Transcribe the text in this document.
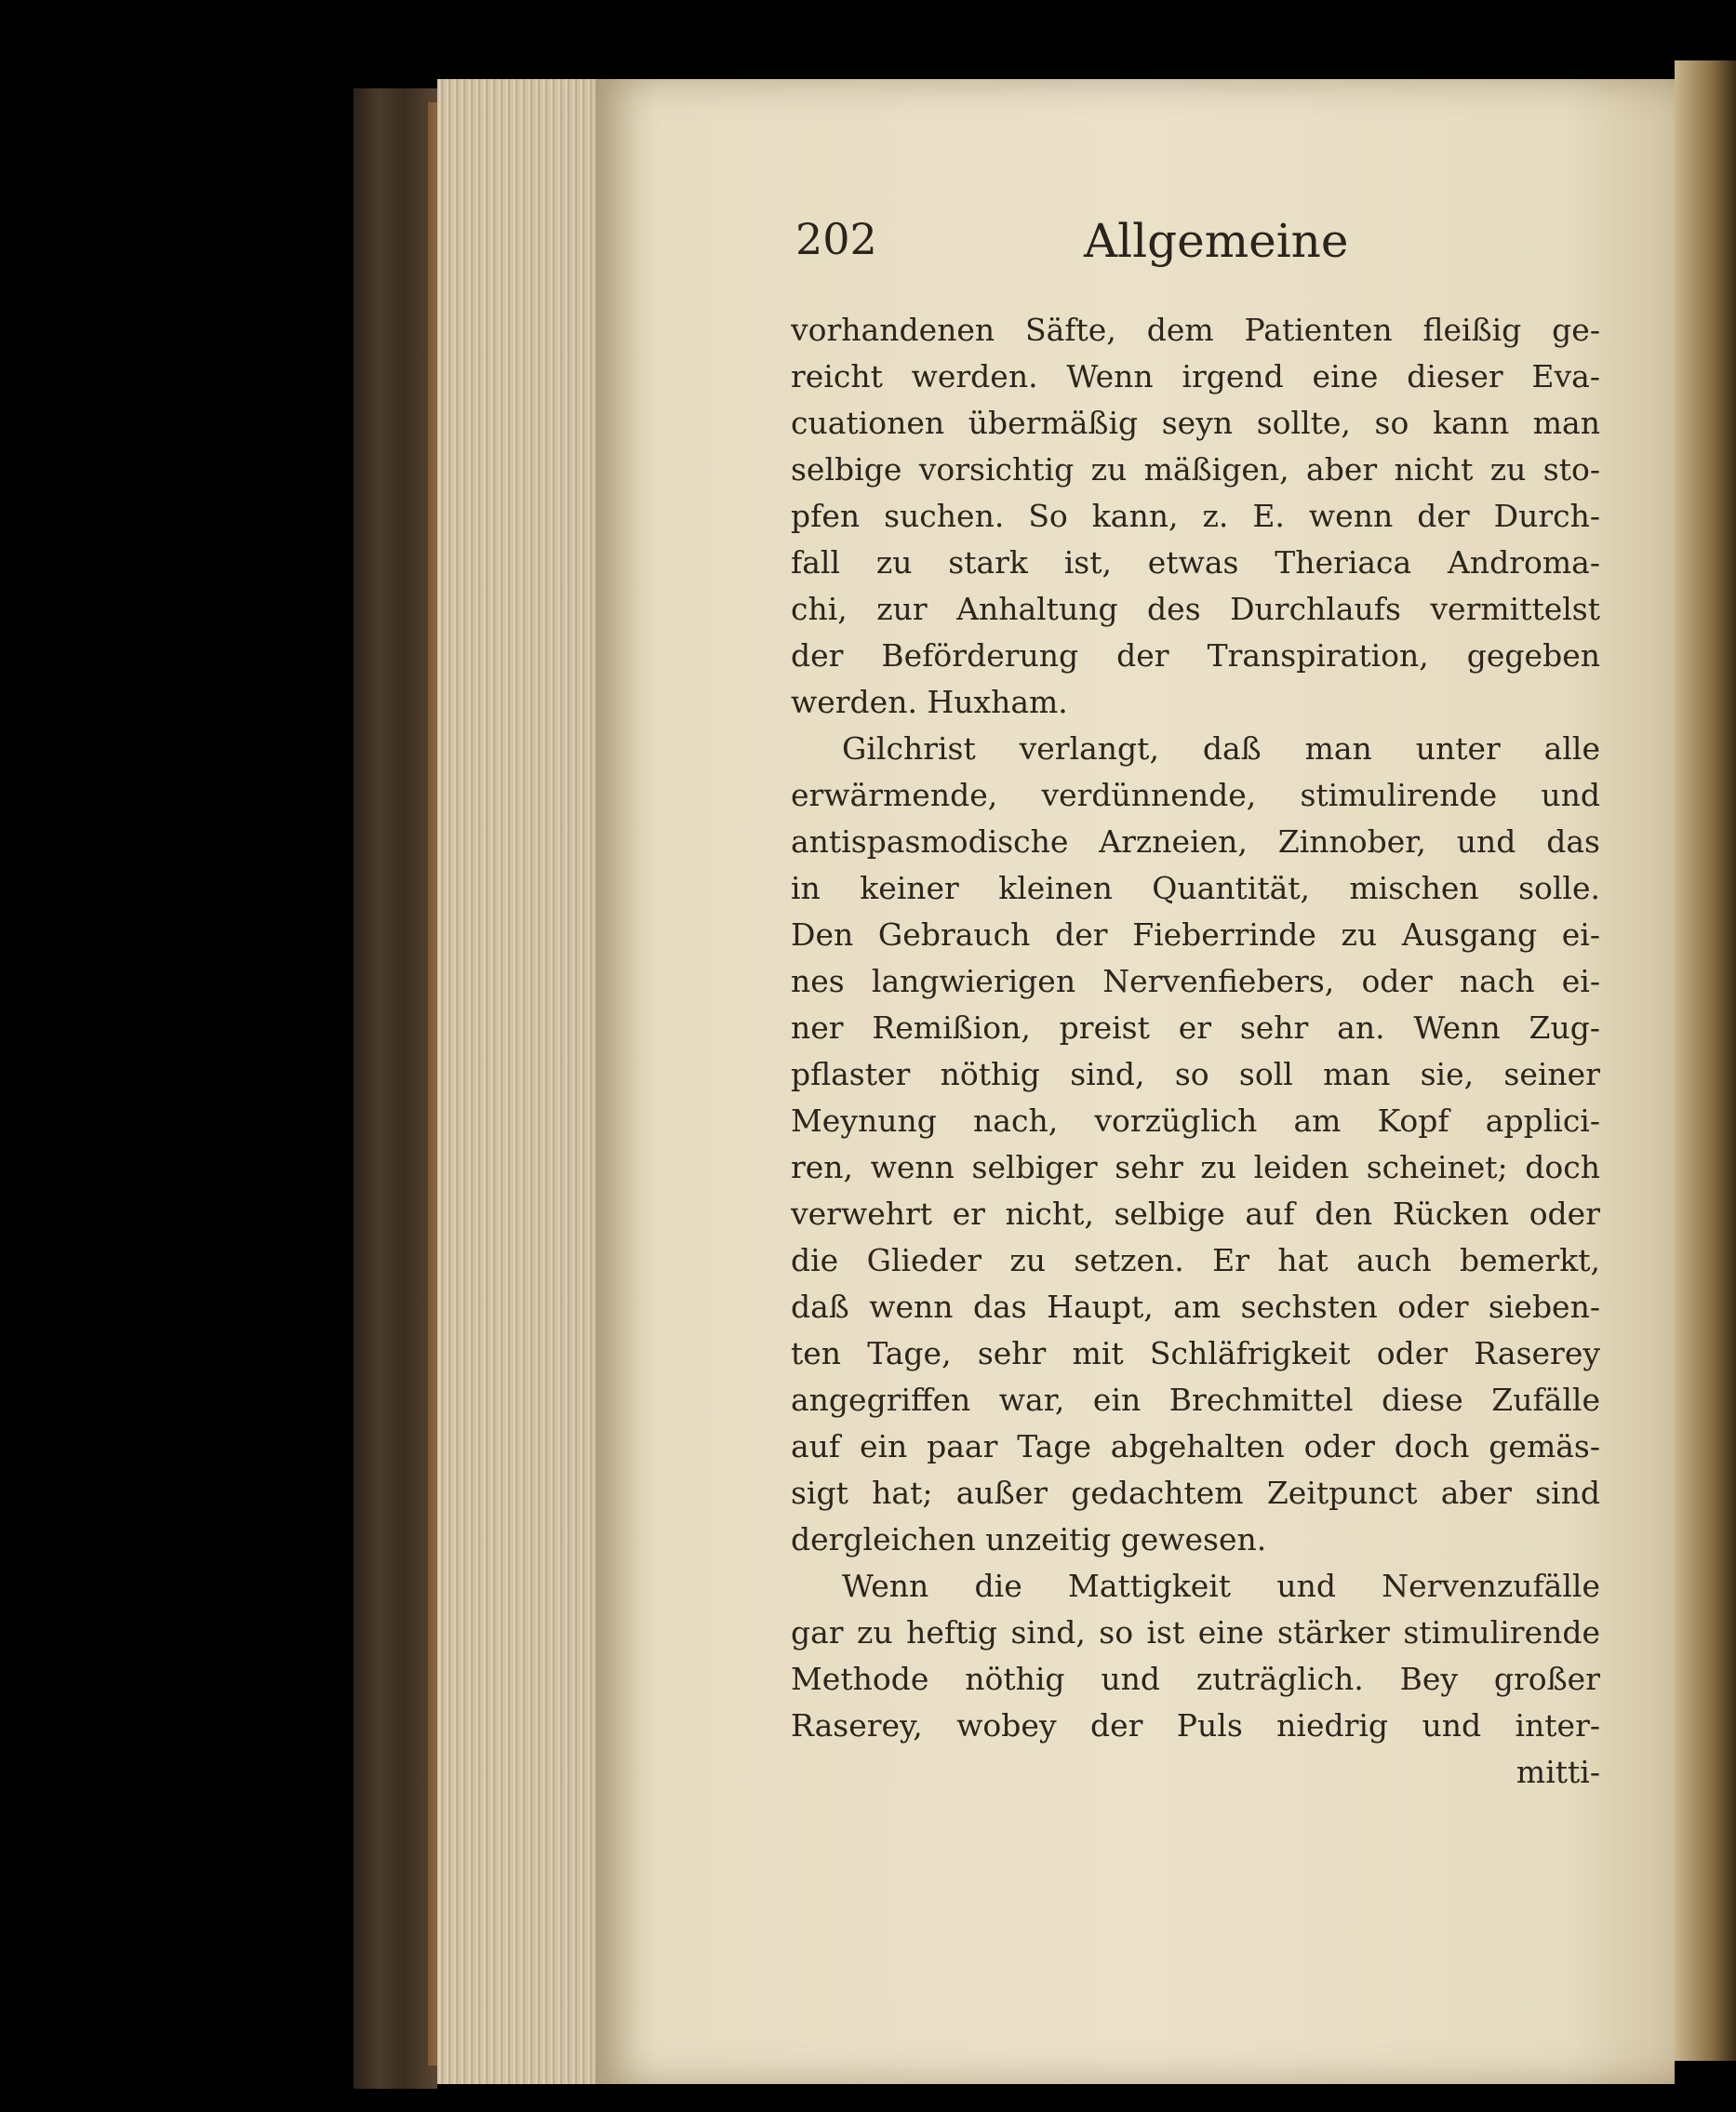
202	Allgemeine
vorhandenen Säfte, dem Patienten fleißig ge-
reicht werden. Wenn irgend eine dieser Eva-
cuationen übermäßig seyn sollte, so kann man
selbige vorsichtig zu mäßigen, aber nicht zu sto-
pfen suchen. So kann, z. E. wenn der Durch-
fall zu stark ist, etwas Theriaca Androma-
chi, zur Anhaltung des Durchlaufs vermittelst
der Beförderung der Transpiration, gegeben
werden. Huxham.
Gilchrist verlangt, daß man unter alle
erwärmende, verdünnende, stimulirende und
antispasmodische Arzneien, Zinnober, und das
in keiner kleinen Quantität, mischen solle.
Den Gebrauch der Fieberrinde zu Ausgang ei-
nes langwierigen Nervenfiebers, oder nach ei-
ner Remißion, preist er sehr an. Wenn Zug-
pflaster nöthig sind, so soll man sie, seiner
Meynung nach, vorzüglich am Kopf applici-
ren, wenn selbiger sehr zu leiden scheinet; doch
verwehrt er nicht, selbige auf den Rücken oder
die Glieder zu setzen. Er hat auch bemerkt,
daß wenn das Haupt, am sechsten oder sieben-
ten Tage, sehr mit Schläfrigkeit oder Raserey
angegriffen war, ein Brechmittel diese Zufälle
auf ein paar Tage abgehalten oder doch gemäs-
sigt hat; außer gedachtem Zeitpunct aber sind
dergleichen unzeitig gewesen.
Wenn die Mattigkeit und Nervenzufälle
gar zu heftig sind, so ist eine stärker stimulirende
Methode nöthig und zuträglich. Bey großer
Raserey, wobey der Puls niedrig und inter-
mitti-
